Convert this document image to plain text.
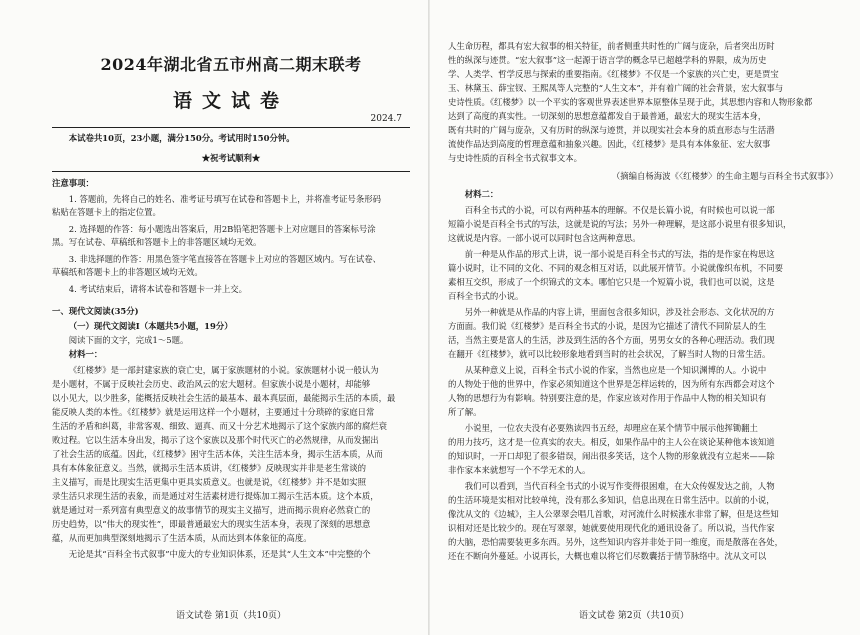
2024年湖北省五市州高二期末联考
语文试卷
2024.7
本试卷共10页，23小题，满分150分。考试用时150分钟。
★祝考试顺利★
注意事项：
1. 答题前，先将自己的姓名、准考证号填写在试卷和答题卡上，并将准考证号条形码
粘贴在答题卡上的指定位置。
2. 选择题的作答：每小题选出答案后，用2B铅笔把答题卡上对应题目的答案标号涂
黑。写在试卷、草稿纸和答题卡上的非答题区域均无效。
3. 非选择题的作答：用黑色签字笔直接答在答题卡上对应的答题区域内。写在试卷、
草稿纸和答题卡上的非答题区域均无效。
4. 考试结束后，请将本试卷和答题卡一并上交。
一、现代文阅读(35分)
（一）现代文阅读Ⅰ（本题共5小题，19分）
阅读下面的文字，完成1～5题。
材料一：
《红楼梦》是一部封建家族的衰亡史，属于家族题材的小说。家族题材小说一般认为
是小题材，不属于反映社会历史、政治风云的宏大题材。但家族小说是小题材，却能够
以小见大，以少胜多，能概括反映社会生活的最基本、最本真层面，最能揭示生活的本质，最
能反映人类的本性。《红楼梦》就是运用这样一个小题材，主要通过十分琐碎的家庭日常
生活的矛盾和纠葛，非常客观、细致、逼真、而又十分艺术地揭示了这个家族内部的腐烂衰
败过程。它以生活本身出发，揭示了这个家族以及那个时代灭亡的必然规律，从而发掘出
了社会生活的底蕴。因此，《红楼梦》困守生活本体，关注生活本身，揭示生活本质，从而
具有本体象征意义。当然，就揭示生活本质讲，《红楼梦》反映现实并非是老生常谈的
主义描写，而是比现实生活更集中更具实质意义。也就是说，《红楼梦》并不是如实照
录生活只求现生活的表象，而是通过对生活素材进行提炼加工揭示生活本质。这个本质，
就是通过对一系列富有典型意义的故事情节的现实主义描写，进而揭示贵府必然衰亡的
历史趋势，以“伟大的现实性”，即最普通最宏大的现实生活本身，表现了深刻的思想意
蕴，从而更加典型深刻地揭示了生活本质，从而达到本体象征的高度。
无论是其“百科全书式叙事”中庞大的专业知识体系，还是其“人生文本”中完整的个
语文试卷 第1页（共10页）
人生命历程，都具有宏大叙事的相关特征，前者侧重共时性的广阔与庞杂，后者突出历时
性的纵深与迹贯。“宏大叙事”这一起源于语言学的概念早已超越学科的界限，成为历史
学、人类学、哲学反思与探索的重要指南。《红楼梦》不仅是一个家族的兴亡史，更是贾宝
玉、林黛玉、薛宝钗、王熙凤等人完整的“人生文本”，并有着广阔的社会背景，宏大叙事与
史诗性质。《红楼梦》以一个平实的客观世界表述世界本原整体呈现于此，其思想内容和人物形象都
达到了高度的真实性。一切深刻的思想意蕴都发自于最普通，最宏大的现实生活本身，
既有共时的广阔与庞杂，又有历时的纵深与迹贯，并以现实社会本身的质直形态与生活潜
流使作品达到高度的哲理意蕴和抽象兴趣。因此，《红楼梦》是具有本体象征、宏大叙事
与史诗性质的百科全书式叙事文本。
（摘编自杨海波《〈红楼梦〉的生命主题与百科全书式叙事》）
材料二：
百科全书式的小说，可以有两种基本的理解。不仅是长篇小说，有时候也可以说一部
短篇小说是百科全书式的写法，这就是说的写法；另外一种理解，是这部小说里有很多知识，
这就说是内容。一部小说可以同时包含这两种意思。
前一种是从作品的形式上讲，说一部小说是百科全书式的写法，指的是作家在构思这
篇小说时，让不同的文化、不同的观念相互对话，以此展开情节。小说就像织布机，不同要
素相互交织，形成了一个织锦式的文本。哪怕它只是一个短篇小说，我们也可以说，这是
百科全书式的小说。
另外一种就是从作品的内容上讲，里面包含很多知识，涉及社会形态、文化状况的方
方面面。我们说《红楼梦》是百科全书式的小说，是因为它描述了清代不同阶层人的生
活，当然主要是富人的生活，涉及到生活的各个方面，男男女女的各种心理活动。我们现
在翻开《红楼梦》，就可以比较形象地看到当时的社会状况，了解当时人物的日常生活。
从某种意义上说，百科全书式小说的作家，当然也应是一个知识渊博的人。小说中
的人物处于他的世界中，作家必须知道这个世界是怎样运转的，因为所有东西都会对这个
人物的思想行为有影响。特别要注意的是，作家应该对作用于作品中人物的相关知识有
所了解。
小说里，一位农夫没有必要熟读四书五经，却理应在某个情节中展示他挥锄翻土
的用力技巧，这才是一位真实的农夫。相反，如果作品中的主人公在谈论某种他本该知道
的知识时，一开口却犯了很多错误，闹出很多笑话，这个人物的形象就没有立起来——除
非作家本来就想写一个不学无术的人。
我们可以看到，当代百科全书式的小说写作变得很困难，在大众传媒发达之前，人物
的生活环境是实相对比较单纯，没有那么多知识，信息出现在日常生活中。以前的小说，
像沈从文的《边城》，主人公翠翠会唱几首歌，对河流什么时候涨水非常了解，但是这些知
识相对还是比较少的。现在写翠翠，她就要使用现代化的通讯设备了。所以说，当代作家
的大脑，恐怕需要装更多东西。另外，这些知识内容并非处于同一维度，而是散落在各处，
还在不断向外蔓延。小说再长，大概也难以将它们尽数囊括于情节脉络中。沈从文可以
语文试卷 第2页（共10页）
